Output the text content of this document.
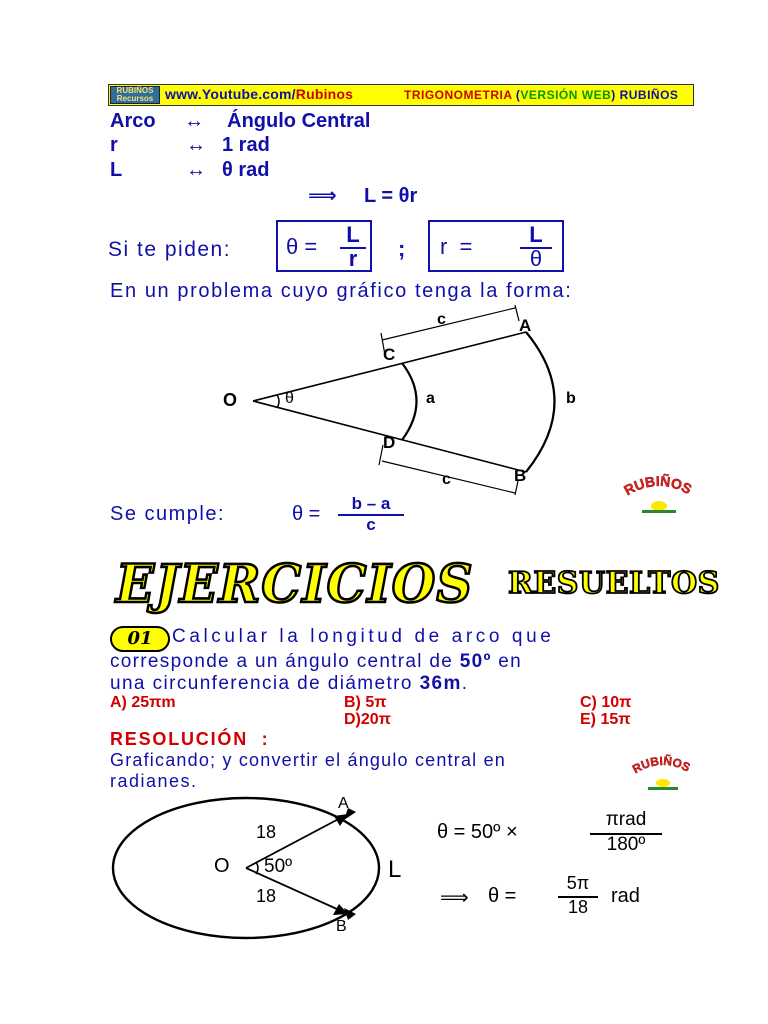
RUBIÑOS
Recursos www.Youtube.com/Rubinos	TRIGONOMETRIA (VERSIÓN WEB) RUBIÑOS
Arco ↔ Ángulo Central
r	↔ 1 rad
L	↔ θ rad
⟹ L = θr
Si te piden: θ = L
r	; r  =	L
θ
En un problema cuyo gráfico tenga la forma:
O	θ
A
B
C
D
a	b
c
c
Se cumple:	θ =	b – a
c
RUBIÑOS
EJERCICIOS RESUELTOS
01	Calcular la longitud de arco que
corresponde a un ángulo central de 50º en
una circunferencia de diámetro 36m.
A) 25πm	B) 5π	C) 10π
D)20π	E) 15π
RESOLUCIÓN  :
Graficando; y convertir el ángulo central en
radianes.
RUBIÑOS
A
B
O 50º
18
18
L
θ = 50º ×
πrad
180º
⟹ θ =
5π
18	rad
